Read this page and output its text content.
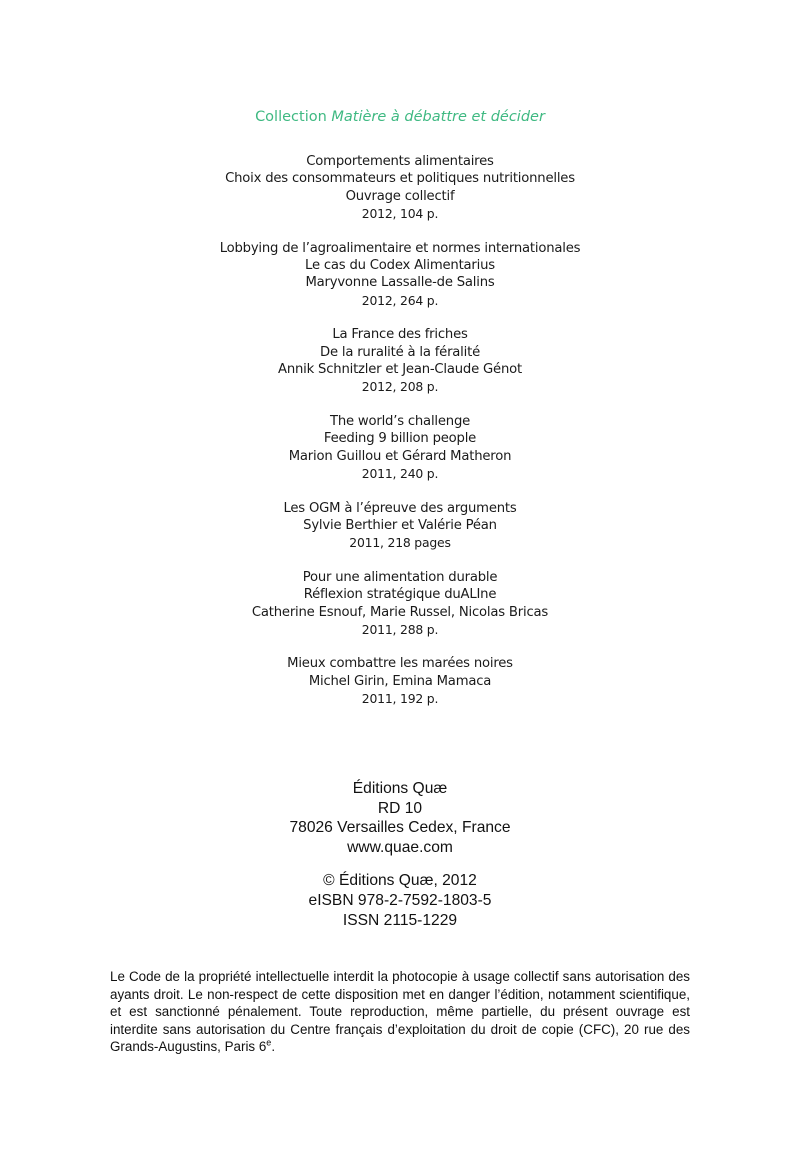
Collection Matière à débattre et décider
Comportements alimentaires
Choix des consommateurs et politiques nutritionnelles
Ouvrage collectif
2012, 104 p.
Lobbying de l’agroalimentaire et normes internationales
Le cas du Codex Alimentarius
Maryvonne Lassalle-de Salins
2012, 264 p.
La France des friches
De la ruralité à la féralité
Annik Schnitzler et Jean-Claude Génot
2012, 208 p.
The world’s challenge
Feeding 9 billion people
Marion Guillou et Gérard Matheron
2011, 240 p.
Les OGM à l’épreuve des arguments
Sylvie Berthier et Valérie Péan
2011, 218 pages
Pour une alimentation durable
Réflexion stratégique duALIne
Catherine Esnouf, Marie Russel, Nicolas Bricas
2011, 288 p.
Mieux combattre les marées noires
Michel Girin, Emina Mamaca
2011, 192 p.
Éditions Quæ
RD 10
78026 Versailles Cedex, France
www.quae.com
© Éditions Quæ, 2012
eISBN 978-2-7592-1803-5
ISSN 2115-1229
Le Code de la propriété intellectuelle interdit la photocopie à usage collectif sans autorisation des ayants droit. Le non-respect de cette disposition met en danger l’édition, notamment scientifique, et est sanctionné pénalement. Toute reproduction, même partielle, du présent ouvrage est interdite sans autorisation du Centre français d’exploitation du droit de copie (CFC), 20 rue des Grands-Augustins, Paris 6e.
